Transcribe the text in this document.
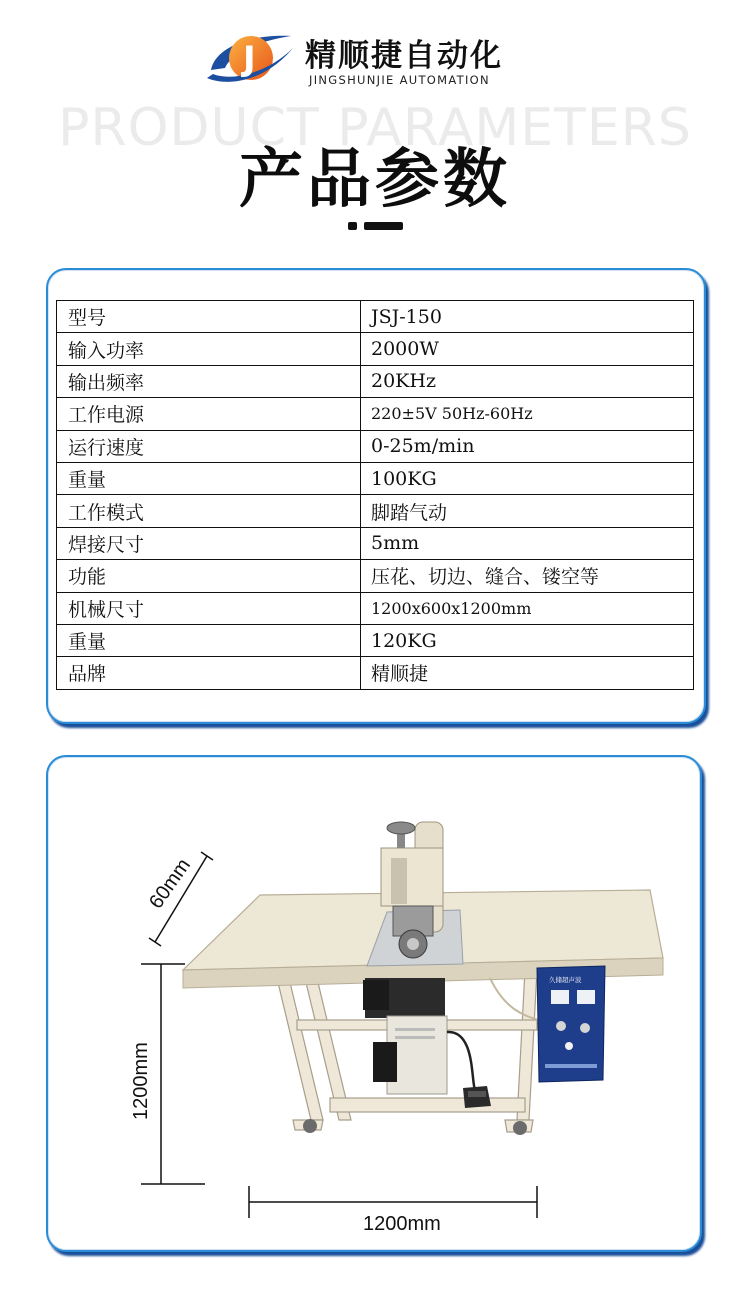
J 精顺捷自动化
JINGSHUNJIE AUTOMATION
PRODUCT PARAMETERS
产品参数
型号	JSJ-150
输入功率	2000W
输出频率	20KHz
工作电源	220±5V 50Hz-60Hz
运行速度	0-25m/min
重量	100KG
工作模式	脚踏气动
焊接尺寸	5mm
功能	压花、切边、缝合、镂空等
机械尺寸	1200x600x1200mm
重量	120KG
品牌	精顺捷
久储超声波
60mm
1200mm
1200mm
